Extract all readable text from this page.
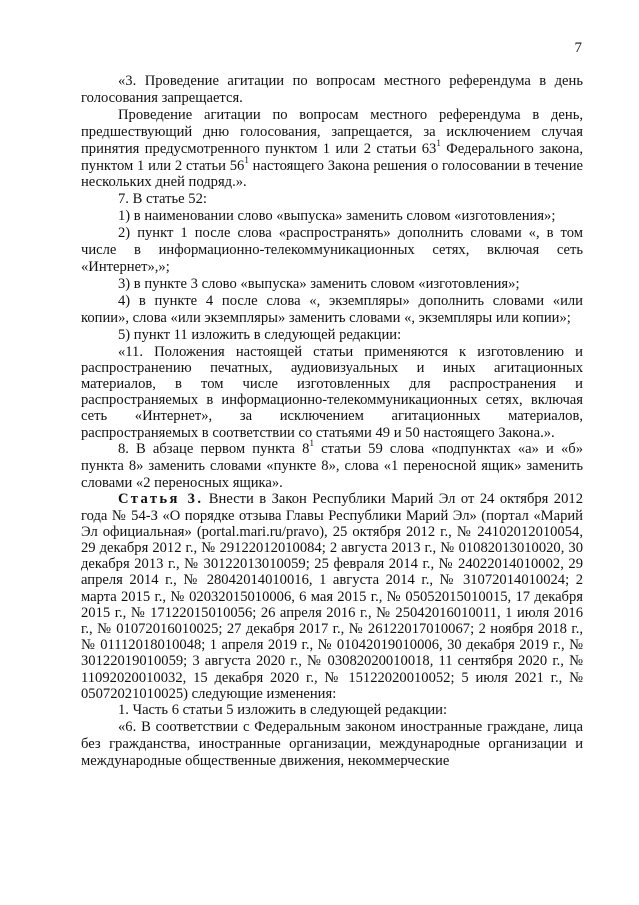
7

«3. Проведение агитации по вопросам местного референдума в день голосования запрещается.

Проведение агитации по вопросам местного референдума в день, предшествующий дню голосования, запрещается, за исключением случая принятия предусмотренного пунктом 1 или 2 статьи $63^1$ Федерального закона, пунктом 1 или 2 статьи $56^1$ настоящего Закона решения о голосовании в течение нескольких дней подряд.».

7. В статье 52:

1) в наименовании слово «выпуска» заменить словом «изготовления»;

2) пункт 1 после слова «распространять» дополнить словами «, в том числе в информационно-телекоммуникационных сетях, включая сеть «Интернет»,»;

3) в пункте 3 слово «выпуска» заменить словом «изготовления»;

4) в пункте 4 после слова «, экземпляры» дополнить словами «или копии», слова «или экземпляры» заменить словами «, экземпляры или копии»;

5) пункт 11 изложить в следующей редакции:

«11. Положения настоящей статьи применяются к изготовлению и распространению печатных, аудиовизуальных и иных агитационных материалов, в том числе изготовленных для распространения и распространяемых в информационно-телекоммуникационных сетях, включая сеть «Интернет», за исключением агитационных материалов, распространяемых в соответствии со статьями 49 и 50 настоящего Закона.».

8. В абзаце первом пункта $8^1$ статьи 59 слова «подпунктах «а» и «б» пункта 8» заменить словами «пункте 8», слова «1 переносной ящик» заменить словами «2 переносных ящика».

Статья 3. Внести в Закон Республики Марий Эл от 24 октября 2012 года № 54-З «О порядке отзыва Главы Республики Марий Эл» (портал «Марий Эл официальная» (portal.mari.ru/pravo), 25 октября 2012 г., № 24102012010054, 29 декабря 2012 г., № 29122012010084; 2 августа 2013 г., № 01082013010020, 30 декабря 2013 г., № 30122013010059; 25 февраля 2014 г., № 24022014010002, 29 апреля 2014 г., № 28042014010016, 1 августа 2014 г., № 31072014010024; 2 марта 2015 г., № 02032015010006, 6 мая 2015 г., № 05052015010015, 17 декабря 2015 г., № 17122015010056; 26 апреля 2016 г., № 25042016010011, 1 июля 2016 г., № 01072016010025; 27 декабря 2017 г., № 26122017010067; 2 ноября 2018 г., № 01112018010048; 1 апреля 2019 г., № 01042019010006, 30 декабря 2019 г., № 30122019010059; 3 августа 2020 г., № 03082020010018, 11 сентября 2020 г., № 11092020010032, 15 декабря 2020 г., № 15122020010052; 5 июля 2021 г., № 05072021010025) следующие изменения:

1. Часть 6 статьи 5 изложить в следующей редакции:

«6. В соответствии с Федеральным законом иностранные граждане, лица без гражданства, иностранные организации, международные организации и международные общественные движения, некоммерческие
